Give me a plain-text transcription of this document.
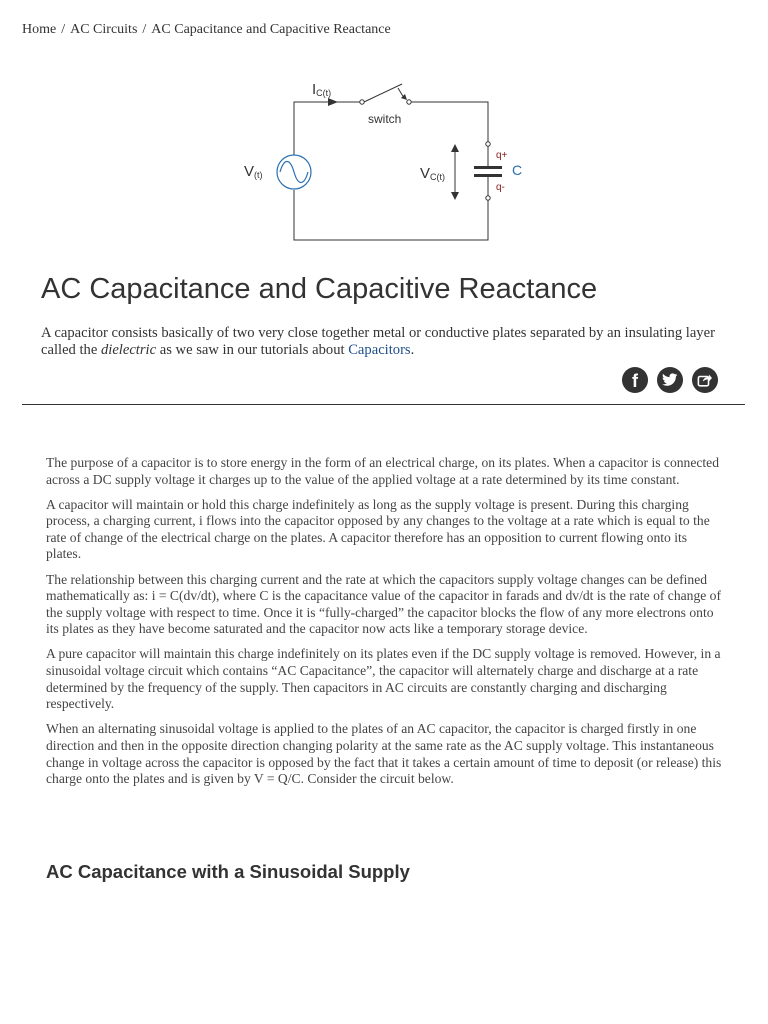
Home / AC Circuits / AC Capacitance and Capacitive Reactance
IC(t)
switch
V(t)	VC(t)
q+
q-
C
AC Capacitance and Capacitive Reactance

A capacitor consists basically of two very close together metal or conductive plates separated by an insulating layer called the dielectric as we saw in our tutorials about Capacitors.

f

The purpose of a capacitor is to store energy in the form of an electrical charge, on its plates. When a capacitor is connected across a DC supply voltage it charges up to the value of the applied voltage at a rate determined by its time constant.

A capacitor will maintain or hold this charge indefinitely as long as the supply voltage is present. During this charging process, a charging current, i flows into the capacitor opposed by any changes to the voltage at a rate which is equal to the rate of change of the electrical charge on the plates. A capacitor therefore has an opposition to current flowing onto its plates.

The relationship between this charging current and the rate at which the capacitors supply voltage changes can be defined mathematically as: i = C(dv/dt), where C is the capacitance value of the capacitor in farads and dv/dt is the rate of change of the supply voltage with respect to time. Once it is “fully-charged” the capacitor blocks the flow of any more electrons onto its plates as they have become saturated and the capacitor now acts like a temporary storage device.

A pure capacitor will maintain this charge indefinitely on its plates even if the DC supply voltage is removed. However, in a sinusoidal voltage circuit which contains “AC Capacitance”, the capacitor will alternately charge and discharge at a rate determined by the frequency of the supply. Then capacitors in AC circuits are constantly charging and discharging respectively.

When an alternating sinusoidal voltage is applied to the plates of an AC capacitor, the capacitor is charged firstly in one direction and then in the opposite direction changing polarity at the same rate as the AC supply voltage. This instantaneous change in voltage across the capacitor is opposed by the fact that it takes a certain amount of time to deposit (or release) this charge onto the plates and is given by V = Q/C. Consider the circuit below.

AC Capacitance with a Sinusoidal Supply
